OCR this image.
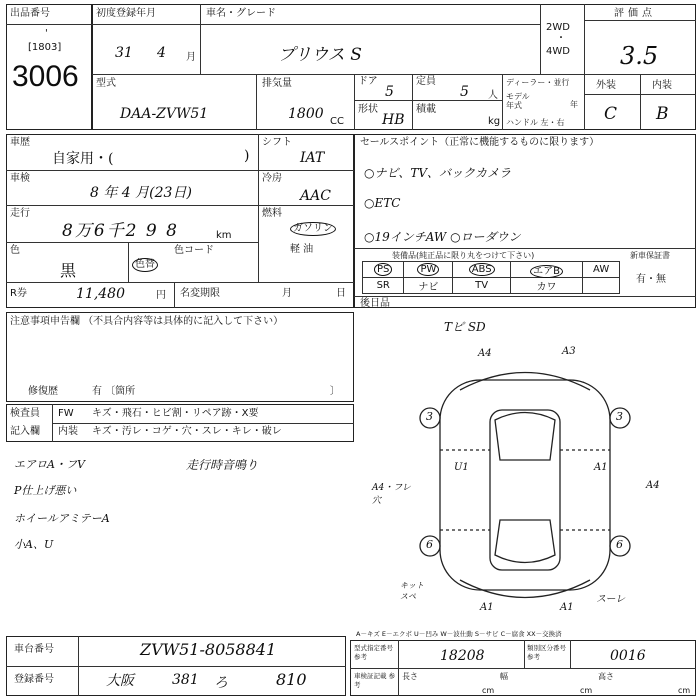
出品番号
'
[1803]
3006
初度登録年月
31 4 月
車名・グレード
プリウス S
2WD
・
4WD
評価点
3.5
型式
DAA-ZVW51
排気量
1800 CC
ドア
5
定員
5 人
形状
HB
積載
kg
ディーラー・並行
モデル年式	年
ハンドル 左・右
外装	内装
C B
車歴
自家用・(	)
車検
8 年 4 月(23日)
走行
8万6千2 9 8	km
色
黒	色替
色コード
シフト
IAT
冷房
AAC
燃料
ガソリン
軽 油
R券	11,480	円 名変期限	月	日
セールスポイント（正常に機能するものに限ります）
○ナビ、TV、バックカメラ
○ETC
○19インチAW ○ローダウン
装備品(純正品に限り丸をつけて下さい)	新車保証書
有・無
PS	PW	ABS	エアB	AW
SR	ナビ	TV	カワ	
後日品
Tピ SD
注意事項申告欄 （不具合内容等は具体的に記入して下さい）
修復歴	有 〔箇所	〕
検査員
記入欄
FW キズ・飛石・ヒビ割・リペア跡・X要
内装 キズ・汚レ・コゲ・穴・スレ・キレ・破レ
エアロA・フV
P仕上げ悪い
ホイールアミテーA
小A、U
走行時音鳴り
A4	A3
3	3
U1	A1
A4・フレ 穴
A4
6	6
キット スペ
A1	A1
スーレ
A－キズ E－エクボ U－凹み W－波仕動 S－サビ C－腐食 XX－交換済
車台番号	ZVW51-8058841
登録番号	大阪	381 ろ	810
型式指定番号 参考	18208	類別区分番号 参考	0016
車検証記載 参考
長さ
cm
幅
cm
高さ
cm
